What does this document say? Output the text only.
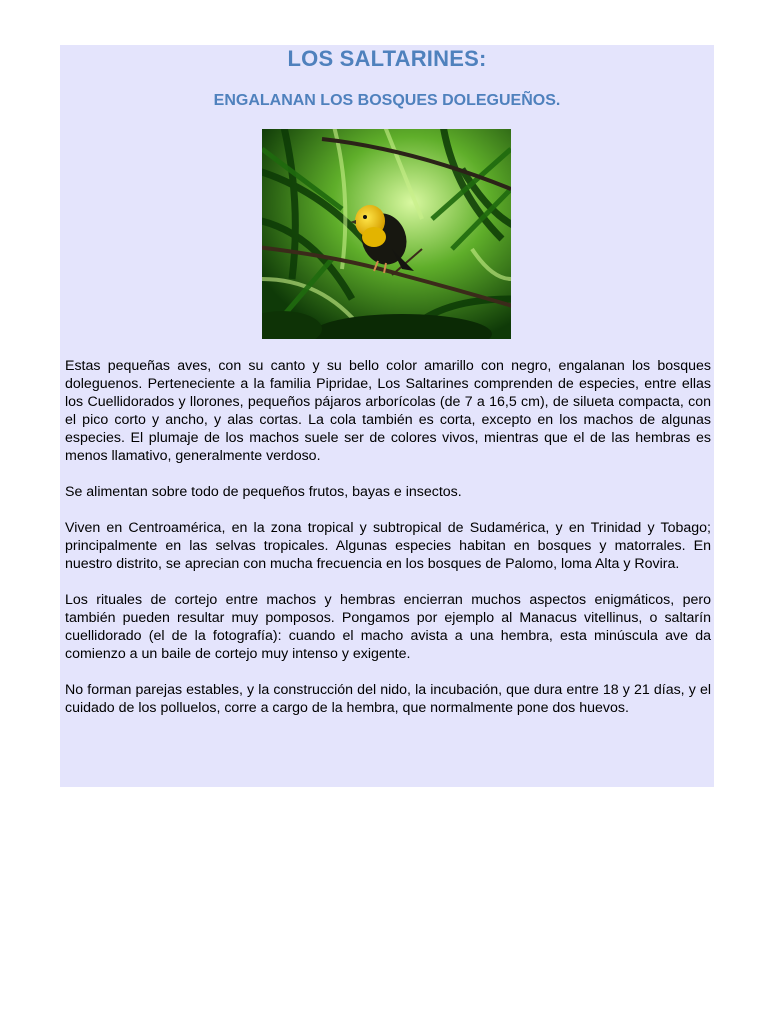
LOS SALTARINES:
ENGALANAN LOS BOSQUES DOLEGUEÑOS.

Estas pequeñas aves, con su canto y su bello color amarillo con negro, engalanan los bosques doleguenos. Perteneciente a la familia Pipridae, Los Saltarines comprenden de especies, entre ellas los Cuellidorados y llorones, pequeños pájaros arborícolas (de 7 a 16,5 cm), de silueta compacta, con el pico corto y ancho, y alas cortas. La cola también es corta, excepto en los machos de algunas especies. El plumaje de los machos suele ser de colores vivos, mientras que el de las hembras es menos llamativo, generalmente verdoso.

Se alimentan sobre todo de pequeños frutos, bayas e insectos.

Viven en Centroamérica, en la zona tropical y subtropical de Sudamérica, y en Trinidad y Tobago; principalmente en las selvas tropicales. Algunas especies habitan en bosques y matorrales. En nuestro distrito, se aprecian con mucha frecuencia en los bosques de Palomo, loma Alta y Rovira.

Los rituales de cortejo entre machos y hembras encierran muchos aspectos enigmáticos, pero también pueden resultar muy pomposos. Pongamos por ejemplo al Manacus vitellinus, o saltarín cuellidorado (el de la fotografía): cuando el macho avista a una hembra, esta minúscula ave da comienzo a un baile de cortejo muy intenso y exigente.

No forman parejas estables, y la construcción del nido, la incubación, que dura entre 18 y 21 días, y el cuidado de los polluelos, corre a cargo de la hembra, que normalmente pone dos huevos.
